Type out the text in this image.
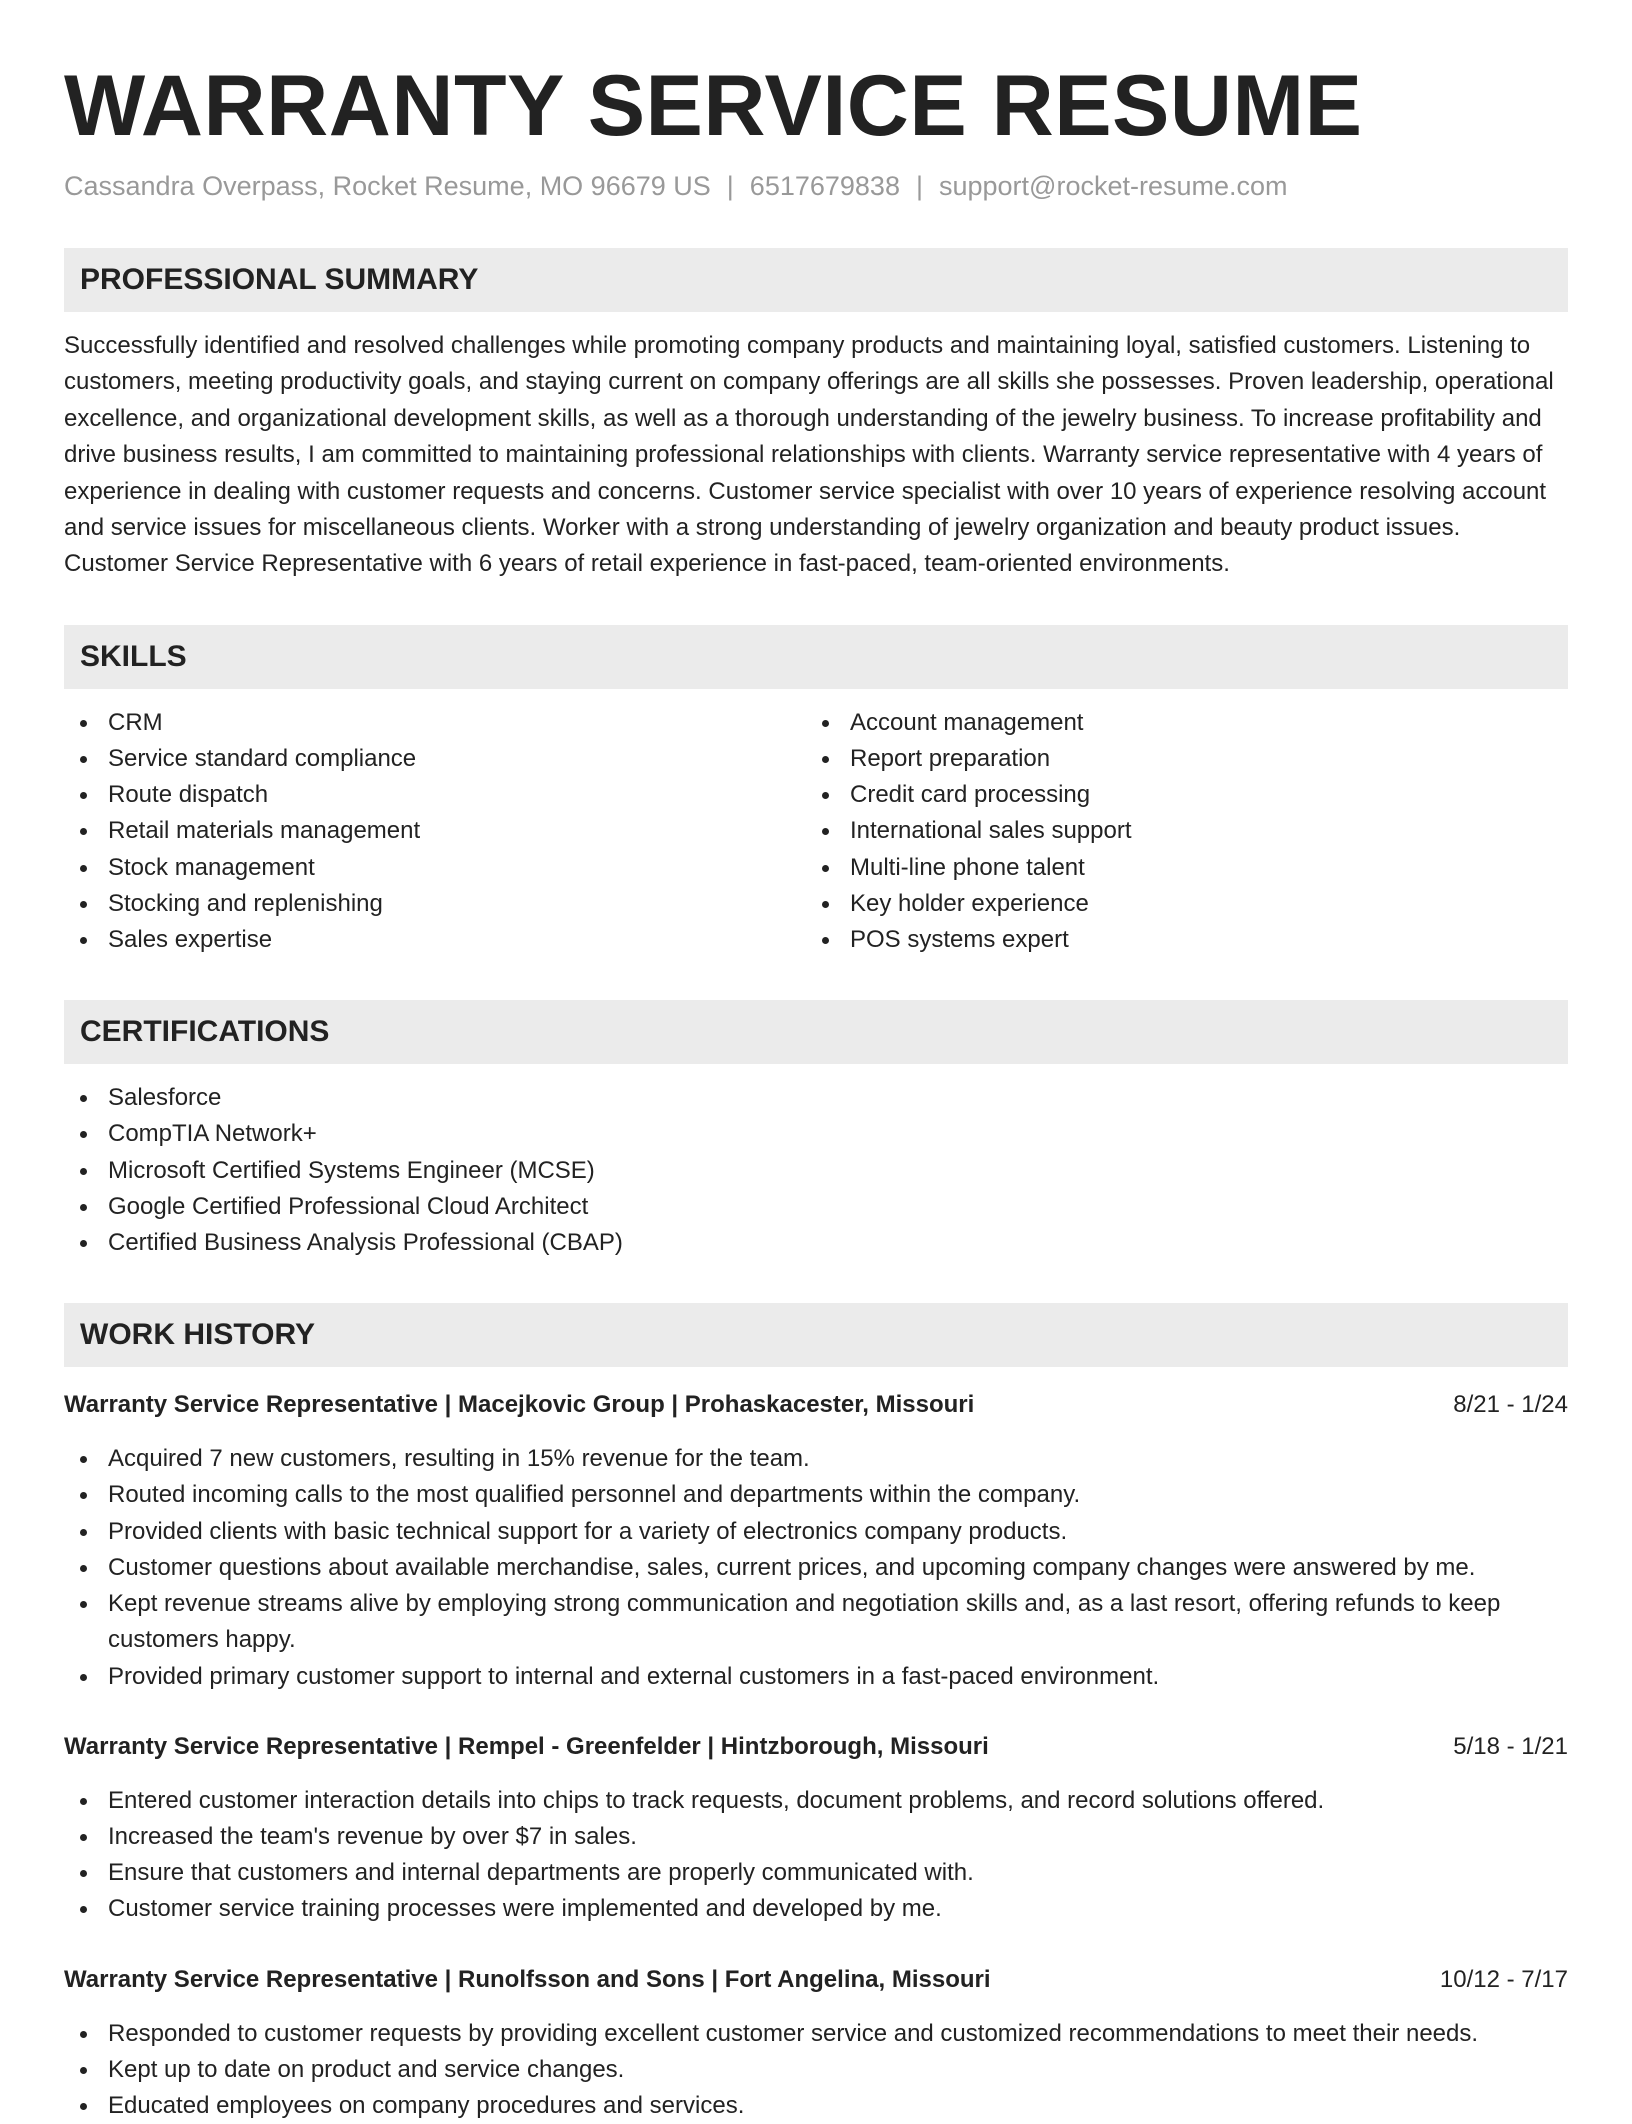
WARRANTY SERVICE RESUME
Cassandra Overpass, Rocket Resume, MO 96679 US | 6517679838 | support@rocket-resume.com
PROFESSIONAL SUMMARY
Successfully identified and resolved challenges while promoting company products and maintaining loyal, satisfied customers. Listening to customers, meeting productivity goals, and staying current on company offerings are all skills she possesses. Proven leadership, operational excellence, and organizational development skills, as well as a thorough understanding of the jewelry business. To increase profitability and drive business results, I am committed to maintaining professional relationships with clients. Warranty service representative with 4 years of experience in dealing with customer requests and concerns. Customer service specialist with over 10 years of experience resolving account and service issues for miscellaneous clients. Worker with a strong understanding of jewelry organization and beauty product issues. Customer Service Representative with 6 years of retail experience in fast-paced, team-oriented environments.
SKILLS
CRM
Service standard compliance
Route dispatch
Retail materials management
Stock management
Stocking and replenishing
Sales expertise
Account management
Report preparation
Credit card processing
International sales support
Multi-line phone talent
Key holder experience
POS systems expert
CERTIFICATIONS
Salesforce
CompTIA Network+
Microsoft Certified Systems Engineer (MCSE)
Google Certified Professional Cloud Architect
Certified Business Analysis Professional (CBAP)
WORK HISTORY
Warranty Service Representative | Macejkovic Group | Prohaskacester, Missouri	8/21 - 1/24
Acquired 7 new customers, resulting in 15% revenue for the team.
Routed incoming calls to the most qualified personnel and departments within the company.
Provided clients with basic technical support for a variety of electronics company products.
Customer questions about available merchandise, sales, current prices, and upcoming company changes were answered by me.
Kept revenue streams alive by employing strong communication and negotiation skills and, as a last resort, offering refunds to keep customers happy.
Provided primary customer support to internal and external customers in a fast-paced environment.
Warranty Service Representative | Rempel - Greenfelder | Hintzborough, Missouri	5/18 - 1/21
Entered customer interaction details into chips to track requests, document problems, and record solutions offered.
Increased the team's revenue by over $7 in sales.
Ensure that customers and internal departments are properly communicated with.
Customer service training processes were implemented and developed by me.
Warranty Service Representative | Runolfsson and Sons | Fort Angelina, Missouri	10/12 - 7/17
Responded to customer requests by providing excellent customer service and customized recommendations to meet their needs.
Kept up to date on product and service changes.
Educated employees on company procedures and services.
